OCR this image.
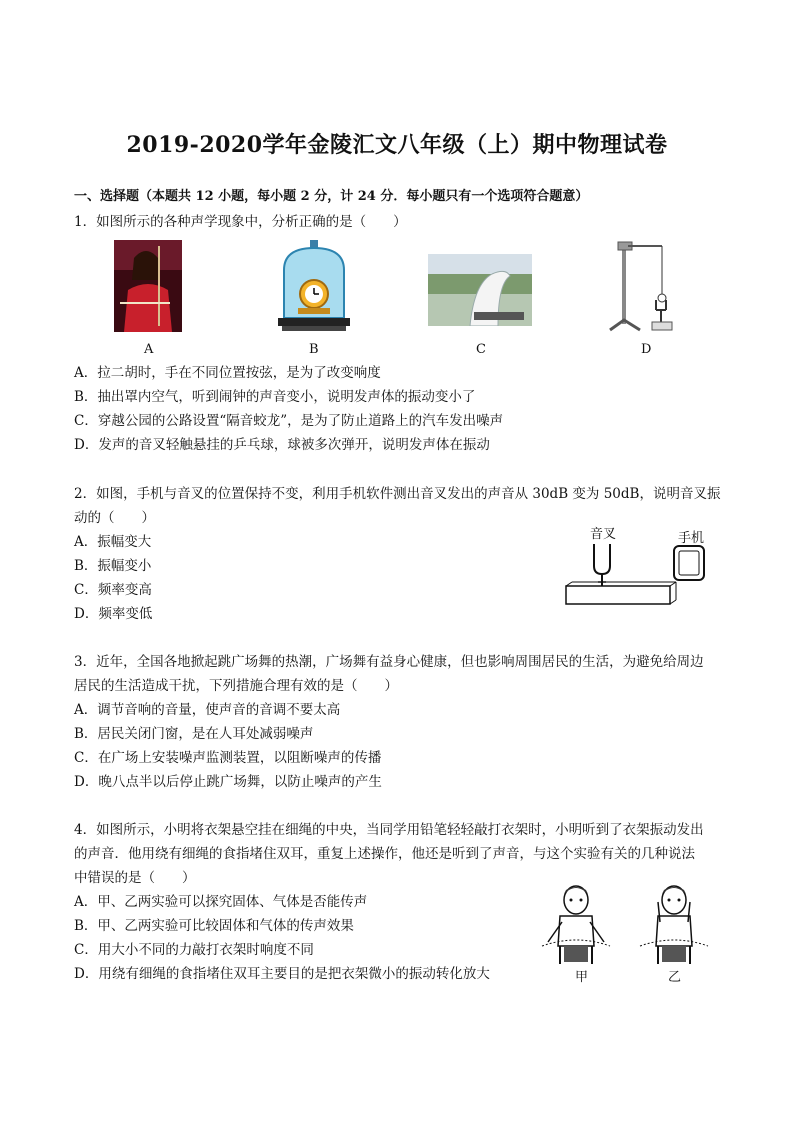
2019-2020学年金陵汇文八年级（上）期中物理试卷
一、选择题（本题共 12 小题，每小题 2 分，计 24 分．每小题只有一个选项符合题意）
1．如图所示的各种声学现象中，分析正确的是（　　）
A	B	C	D
A．拉二胡时，手在不同位置按弦，是为了改变响度
B．抽出罩内空气，听到闹钟的声音变小，说明发声体的振动变小了
C．穿越公园的公路设置“隔音蛟龙”，是为了防止道路上的汽车发出噪声
D．发声的音叉轻触悬挂的乒乓球，球被多次弹开，说明发声体在振动
2．如图，手机与音叉的位置保持不变，利用手机软件测出音叉发出的声音从 30dB 变为 50dB，说明音叉振
动的（　　）
A．振幅变大
B．振幅变小
C．频率变高
D．频率变低
音叉	手机
3．近年，全国各地掀起跳广场舞的热潮，广场舞有益身心健康，但也影响周围居民的生活，为避免给周边
居民的生活造成干扰，下列措施合理有效的是（　　）
A．调节音响的音量，使声音的音调不要太高
B．居民关闭门窗，是在人耳处减弱噪声
C．在广场上安装噪声监测装置，以阻断噪声的传播
D．晚八点半以后停止跳广场舞，以防止噪声的产生
4．如图所示，小明将衣架悬空挂在细绳的中央，当同学用铅笔轻轻敲打衣架时，小明听到了衣架振动发出
的声音．他用绕有细绳的食指堵住双耳，重复上述操作，他还是听到了声音，与这个实验有关的几种说法
中错误的是（　　）
A．甲、乙两实验可以探究固体、气体是否能传声
B．甲、乙两实验可比较固体和气体的传声效果
C．用大小不同的力敲打衣架时响度不同
D．用绕有细绳的食指堵住双耳主要目的是把衣架微小的振动转化放大	甲	乙
